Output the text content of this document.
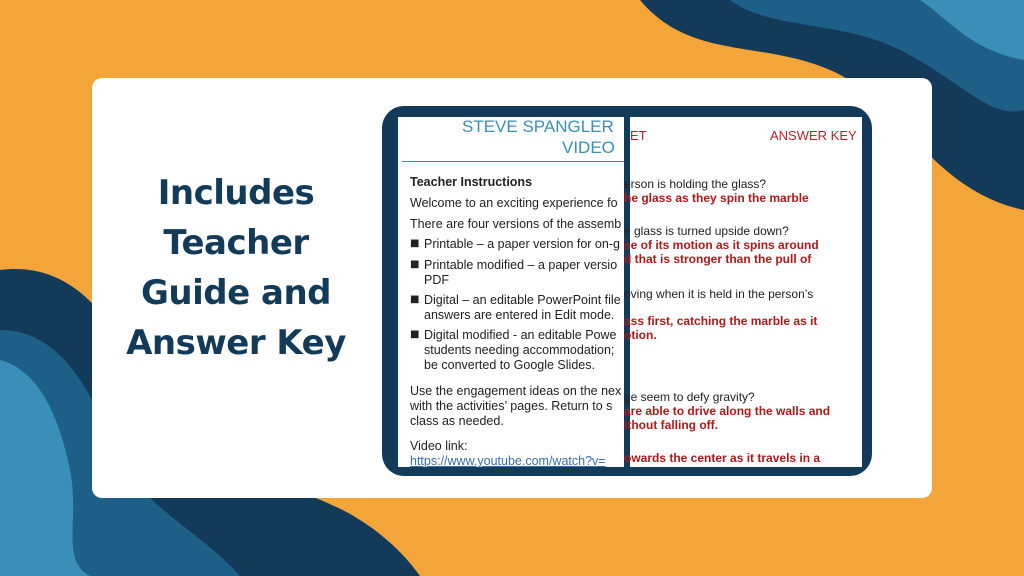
Includes
Teacher
Guide and
Answer Key
STEVE SPANGLER
VIDEO
Teacher Instructions
Welcome to an exciting experience fo
There are four versions of the assemb
■ Printable – a paper version for on-g
■ Printable modified – a paper versio
PDF
■ Digital – an editable PowerPoint file
answers are entered in Edit mode.
■ Digital modified - an editable Powe
students needing accommodation;
be converted to Google Slides.
Use the engagement ideas on the nex
with the activities’ pages. Return to s
class as needed.
Video link:
https://www.youtube.com/watch?v=
ET	ANSWER KEY
erson is holding the glass?
he glass as they spin the marble
e glass is turned upside down?
se of its motion as it spins around
d that is stronger than the pull of
oving when it is held in the person’s
ass first, catching the marble as it
otion.
ge seem to defy gravity?
are able to drive along the walls and
ithout falling off.
owards the center as it travels in a
